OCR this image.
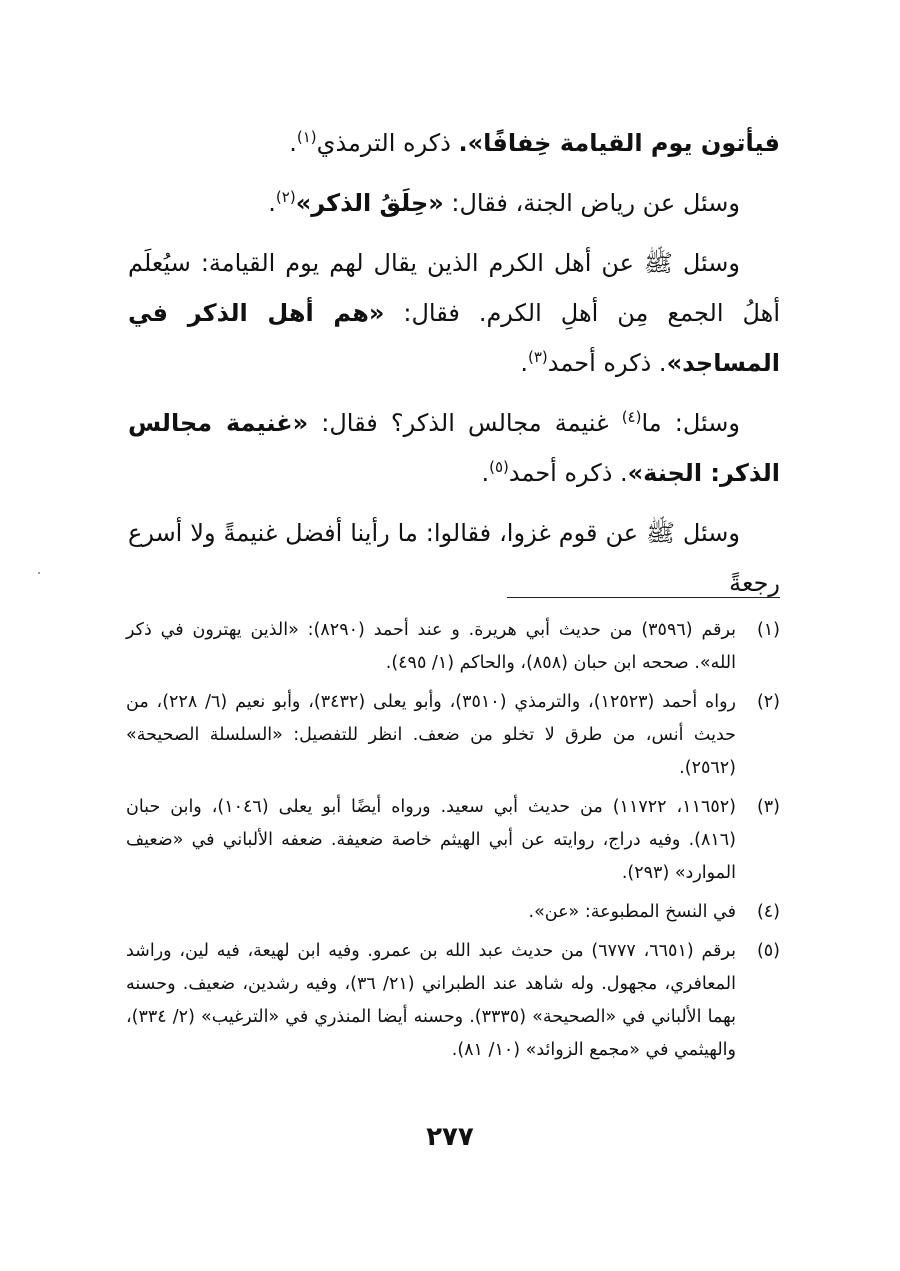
فيأتون يوم القيامة خِفافًا». ذكره الترمذي$^{(١)}$.

وسئل عن رياض الجنة، فقال: «حِلَقُ الذكر»$^{(٢)}$.

وسئل ﷺ عن أهل الكرم الذين يقال لهم يوم القيامة: سيُعلَم أهلُ الجمع مِن أهلِ الكرم. فقال: «هم أهل الذكر في المساجد». ذكره أحمد$^{(٣)}$.

وسئل: ما$^{(٤)}$ غنيمة مجالس الذكر؟ فقال: «غنيمة مجالس الذكر: الجنة». ذكره أحمد$^{(٥)}$.

وسئل ﷺ عن قوم غزوا، فقالوا: ما رأينا أفضل غنيمةً ولا أسرع رجعةً

(١)
برقم (٣٥٩٦) من حديث أبي هريرة. و عند أحمد (٨٢٩٠): «الذين يهترون في ذكر الله». صححه ابن حبان (٨٥٨)، والحاكم (١/ ٤٩٥).
(٢)
رواه أحمد (١٢٥٢٣)، والترمذي (٣٥١٠)، وأبو يعلى (٣٤٣٢)، وأبو نعيم (٦/ ٢٢٨)، من حديث أنس، من طرق لا تخلو من ضعف. انظر للتفصيل: «السلسلة الصحيحة» (٢٥٦٢).
(٣)
(١١٦٥٢، ١١٧٢٢) من حديث أبي سعيد. ورواه أيضًا أبو يعلى (١٠٤٦)، وابن حبان (٨١٦). وفيه دراج، روايته عن أبي الهيثم خاصة ضعيفة. ضعفه الألباني في «ضعيف الموارد» (٢٩٣).
(٤)
في النسخ المطبوعة: «عن».
(٥)
برقم (٦٦٥١، ٦٧٧٧) من حديث عبد الله بن عمرو. وفيه ابن لهيعة، فيه لين، وراشد المعافري، مجهول. وله شاهد عند الطبراني (٢١/ ٣٦)، وفيه رشدين، ضعيف. وحسنه بهما الألباني في «الصحيحة» (٣٣٣٥). وحسنه أيضا المنذري في «الترغيب» (٢/ ٣٣٤)، والهيثمي في «مجمع الزوائد» (١٠/ ٨١).
٢٧٧
